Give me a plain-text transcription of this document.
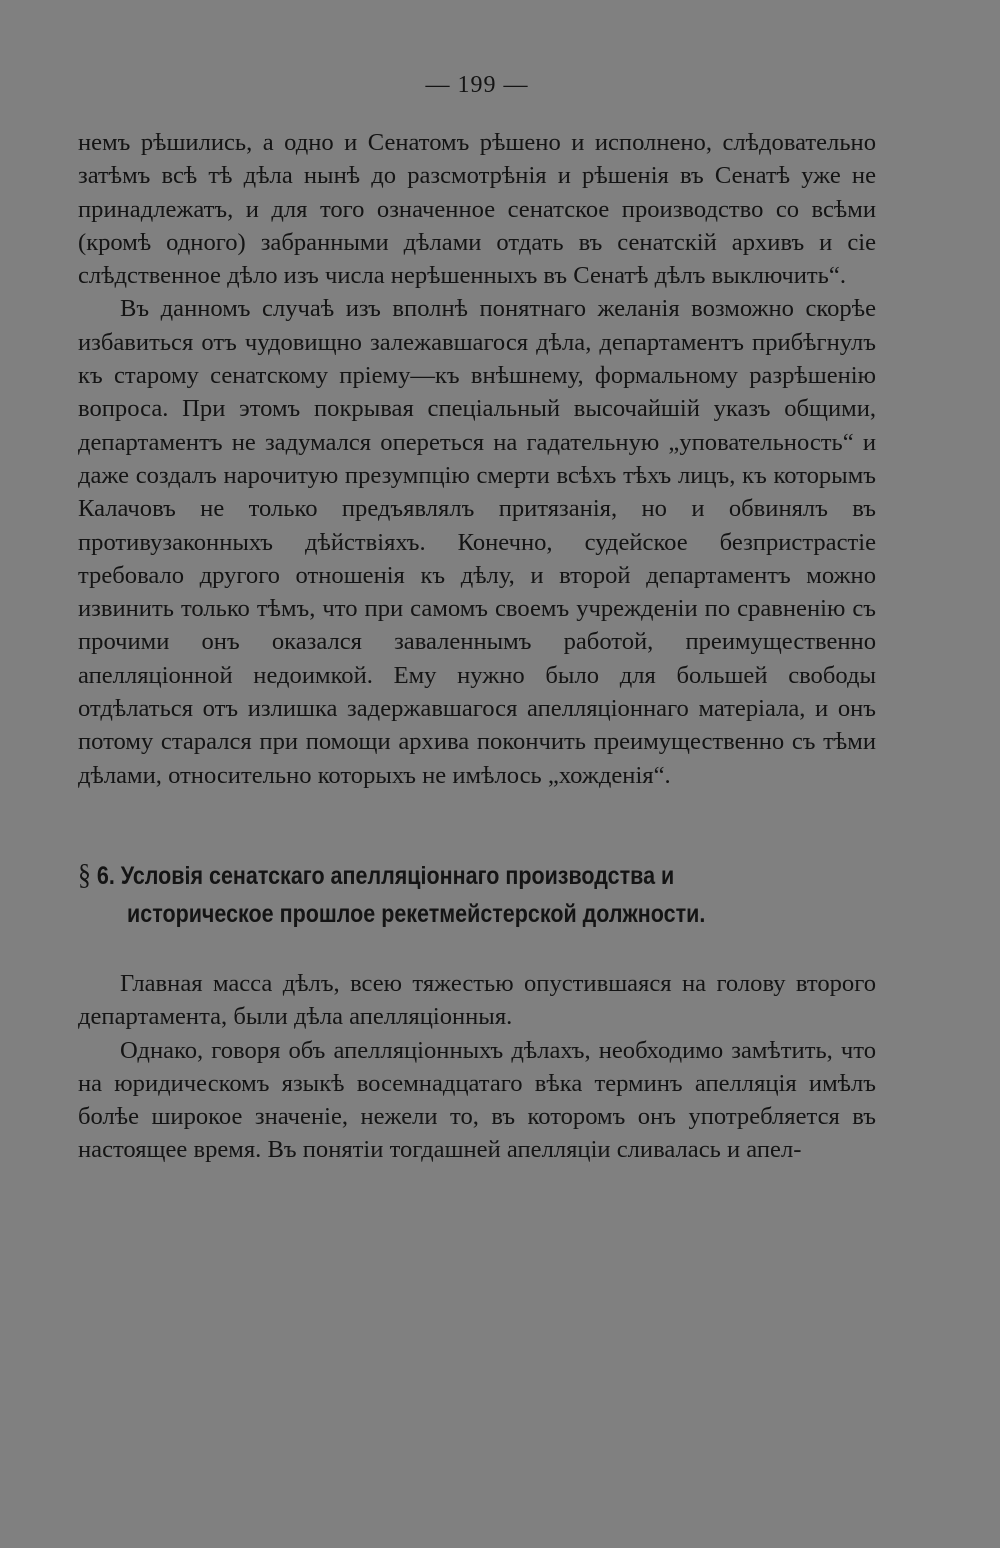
— 199 —

немъ рѣшились, а одно и Сенатомъ рѣшено и исполнено, слѣдовательно затѣмъ всѣ тѣ дѣла нынѣ до разсмотрѣнія и рѣшенія въ Сенатѣ уже не принадлежатъ, и для того означенное сенатское производство со всѣми (кромѣ одного) забранными дѣлами отдать въ сенатскій архивъ и сіе слѣдственное дѣло изъ числа нерѣшенныхъ въ Сенатѣ дѣлъ выключить“.

Въ данномъ случаѣ изъ вполнѣ понятнаго желанія возможно скорѣе избавиться отъ чудовищно залежавшагося дѣла, департаментъ прибѣгнулъ къ старому сенатскому пріему—къ внѣшнему, формальному разрѣшенію вопроса. При этомъ покрывая спеціальный высочайшій указъ общими, департаментъ не задумался опереться на гадательную „уповательность“ и даже создалъ нарочитую презумпцію смерти всѣхъ тѣхъ лицъ, къ которымъ Калачовъ не только предъявлялъ притязанія, но и обвинялъ въ противузаконныхъ дѣйствіяхъ. Конечно, судейское безпристрастіе требовало другого отношенія къ дѣлу, и второй департаментъ можно извинить только тѣмъ, что при самомъ своемъ учрежденіи по сравненію съ прочими онъ оказался заваленнымъ работой, преимущественно апелляціонной недоимкой. Ему нужно было для большей свободы отдѣлаться отъ излишка задержавшагося апелляціоннаго матеріала, и онъ потому старался при помощи архива покончить преимущественно съ тѣми дѣлами, относительно которыхъ не имѣлось „хожденія“.

§ 6. Условія сенатскаго апелляціоннаго производства и
историческое прошлое рекетмейстерской должности.

Главная масса дѣлъ, всею тяжестью опустившаяся на голову второго департамента, были дѣла апелляціонныя.

Однако, говоря объ апелляціонныхъ дѣлахъ, необходимо замѣтить, что на юридическомъ языкѣ восемнадцатаго вѣка терминъ апелляція имѣлъ болѣе широкое значеніе, нежели то, въ которомъ онъ употребляется въ настоящее время. Въ понятіи тогдашней апелляціи сливалась и апел-
